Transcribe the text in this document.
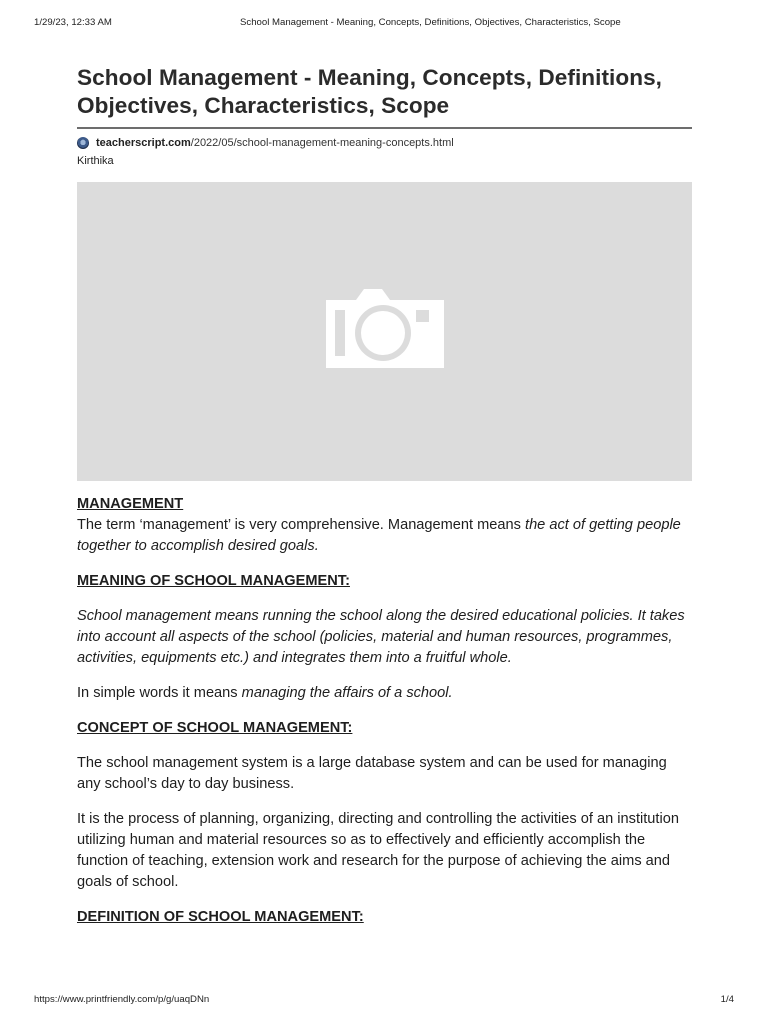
1/29/23, 12:33 AM	School Management - Meaning, Concepts, Definitions, Objectives, Characteristics, Scope
School Management - Meaning, Concepts, Definitions, Objectives, Characteristics, Scope
teacherscript.com /2022/05/school-management-meaning-concepts.html
Kirthika

MANAGEMENT

The term ‘management’ is very comprehensive. Management means the act of getting people together to accomplish desired goals.

MEANING OF SCHOOL MANAGEMENT:

School management means running the school along the desired educational policies. It takes into account all aspects of the school (policies, material and human resources, programmes, activities, equipments etc.) and integrates them into a fruitful whole.

In simple words it means managing the affairs of a school.

CONCEPT OF SCHOOL MANAGEMENT:

The school management system is a large database system and can be used for managing any school’s day to day business.

It is the process of planning, organizing, directing and controlling the activities of an institution utilizing human and material resources so as to effectively and efficiently accomplish the function of teaching, extension work and research for the purpose of achieving the aims and goals of school.

DEFINITION OF SCHOOL MANAGEMENT:

https://www.printfriendly.com/p/g/uaqDNn	1/4
